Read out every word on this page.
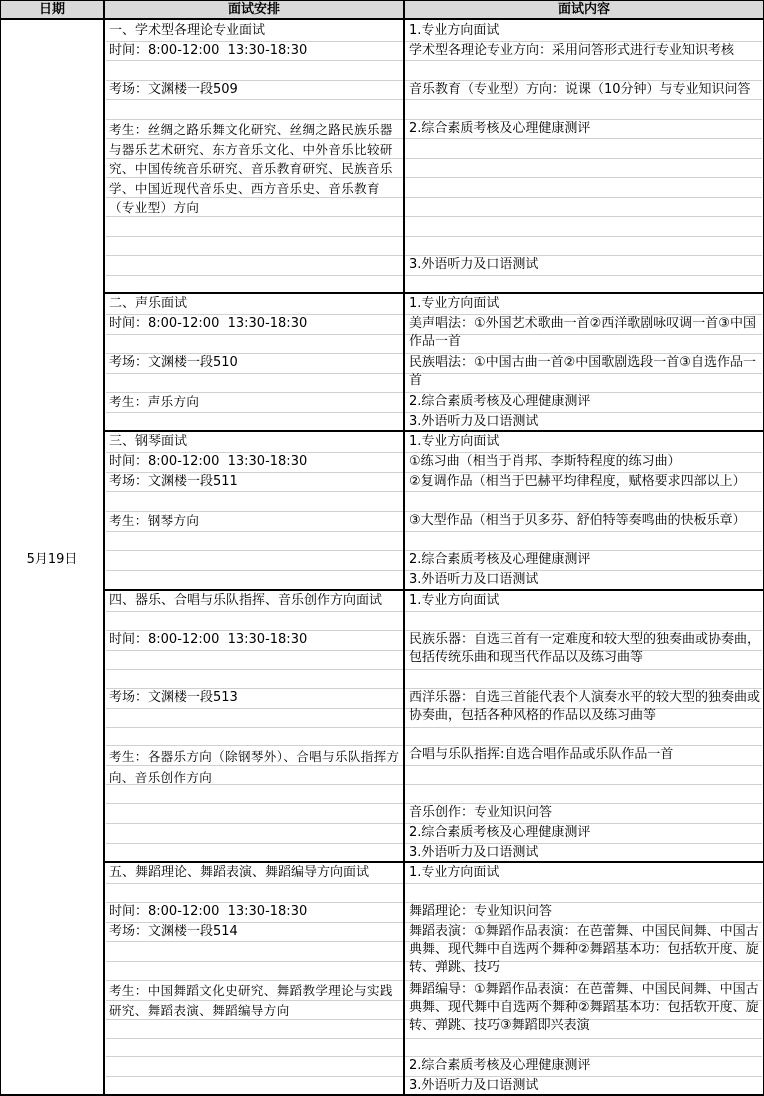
日期	面试安排	面试内容
5月19日
一、学术型各理论专业面试
时间：8:00-12:00  13:30-18:30
考场：文渊楼一段509
考生：丝绸之路乐舞文化研究、丝绸之路民族乐器与器乐艺术研究、东方音乐文化、中外音乐比较研究、中国传统音乐研究、音乐教育研究、民族音乐学、中国近现代音乐史、西方音乐史、音乐教育（专业型）方向
1.专业方向面试
学术型各理论专业方向：采用问答形式进行专业知识考核
音乐教育（专业型）方向：说课（10分钟）与专业知识问答
2.综合素质考核及心理健康测评
3.外语听力及口语测试
二、声乐面试
时间：8:00-12:00  13:30-18:30
考场：文渊楼一段510
考生：声乐方向
1.专业方向面试
美声唱法：①外国艺术歌曲一首②西洋歌剧咏叹调一首③中国作品一首
民族唱法：①中国古曲一首②中国歌剧选段一首③自选作品一首
2.综合素质考核及心理健康测评
3.外语听力及口语测试
三、钢琴面试
时间：8:00-12:00  13:30-18:30
考场：文渊楼一段511
考生：钢琴方向
1.专业方向面试
①练习曲（相当于肖邦、李斯特程度的练习曲）
②复调作品（相当于巴赫平均律程度，赋格要求四部以上）
③大型作品（相当于贝多芬、舒伯特等奏鸣曲的快板乐章）
2.综合素质考核及心理健康测评
3.外语听力及口语测试
四、器乐、合唱与乐队指挥、音乐创作方向面试
时间：8:00-12:00  13:30-18:30
考场：文渊楼一段513
考生：各器乐方向（除钢琴外）、合唱与乐队指挥方向、音乐创作方向
1.专业方向面试
民族乐器：自选三首有一定难度和较大型的独奏曲或协奏曲，包括传统乐曲和现当代作品以及练习曲等
西洋乐器：自选三首能代表个人演奏水平的较大型的独奏曲或协奏曲，包括各种风格的作品以及练习曲等
合唱与乐队指挥:自选合唱作品或乐队作品一首
音乐创作：专业知识问答
2.综合素质考核及心理健康测评
3.外语听力及口语测试
五、舞蹈理论、舞蹈表演、舞蹈编导方向面试
时间：8:00-12:00  13:30-18:30
考场：文渊楼一段514
考生：中国舞蹈文化史研究、舞蹈教学理论与实践研究、舞蹈表演、舞蹈编导方向
1.专业方向面试
舞蹈理论：专业知识问答
舞蹈表演：①舞蹈作品表演：在芭蕾舞、中国民间舞、中国古典舞、现代舞中自选两个舞种②舞蹈基本功：包括软开度、旋转、弹跳、技巧
舞蹈编导：①舞蹈作品表演：在芭蕾舞、中国民间舞、中国古典舞、现代舞中自选两个舞种②舞蹈基本功：包括软开度、旋转、弹跳、技巧③舞蹈即兴表演
2.综合素质考核及心理健康测评
3.外语听力及口语测试
